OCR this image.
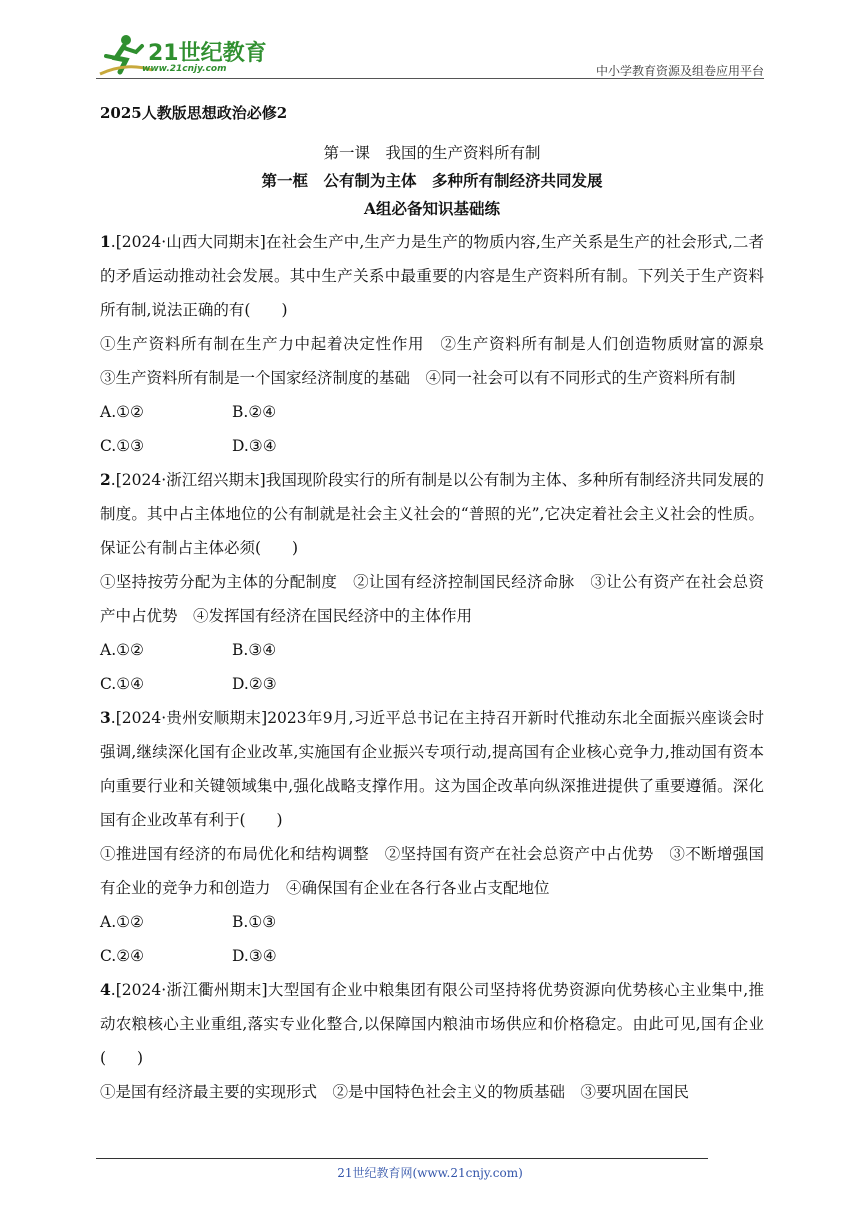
21世纪教育
www.21cnjy.com	中小学教育资源及组卷应用平台
2025人教版思想政治必修2
第一课　我国的生产资料所有制
第一框　公有制为主体　多种所有制经济共同发展
A组必备知识基础练

1.[2024·山西大同期末]在社会生产中,生产力是生产的物质内容,生产关系是生产的社会形式,二者的矛盾运动推动社会发展。其中生产关系中最重要的内容是生产资料所有制。下列关于生产资料所有制,说法正确的有(　　)

①生产资料所有制在生产力中起着决定性作用　②生产资料所有制是人们创造物质财富的源泉　③生产资料所有制是一个国家经济制度的基础　④同一社会可以有不同形式的生产资料所有制

A.①②	B.②④
C.①③	D.③④

2.[2024·浙江绍兴期末]我国现阶段实行的所有制是以公有制为主体、多种所有制经济共同发展的制度。其中占主体地位的公有制就是社会主义社会的“普照的光”,它决定着社会主义社会的性质。保证公有制占主体必须(　　)

①坚持按劳分配为主体的分配制度　②让国有经济控制国民经济命脉　③让公有资产在社会总资产中占优势　④发挥国有经济在国民经济中的主体作用

A.①②	B.③④
C.①④	D.②③

3.[2024·贵州安顺期末]2023年9月,习近平总书记在主持召开新时代推动东北全面振兴座谈会时强调,继续深化国有企业改革,实施国有企业振兴专项行动,提高国有企业核心竞争力,推动国有资本向重要行业和关键领域集中,强化战略支撑作用。这为国企改革向纵深推进提供了重要遵循。深化国有企业改革有利于(　　)

①推进国有经济的布局优化和结构调整　②坚持国有资产在社会总资产中占优势　③不断增强国有企业的竞争力和创造力　④确保国有企业在各行各业占支配地位

A.①②	B.①③
C.②④	D.③④

4.[2024·浙江衢州期末]大型国有企业中粮集团有限公司坚持将优势资源向优势核心主业集中,推动农粮核心主业重组,落实专业化整合,以保障国内粮油市场供应和价格稳定。由此可见,国有企业(　　)

①是国有经济最主要的实现形式　②是中国特色社会主义的物质基础　③要巩固在国民

21世纪教育网(www.21cnjy.com)
